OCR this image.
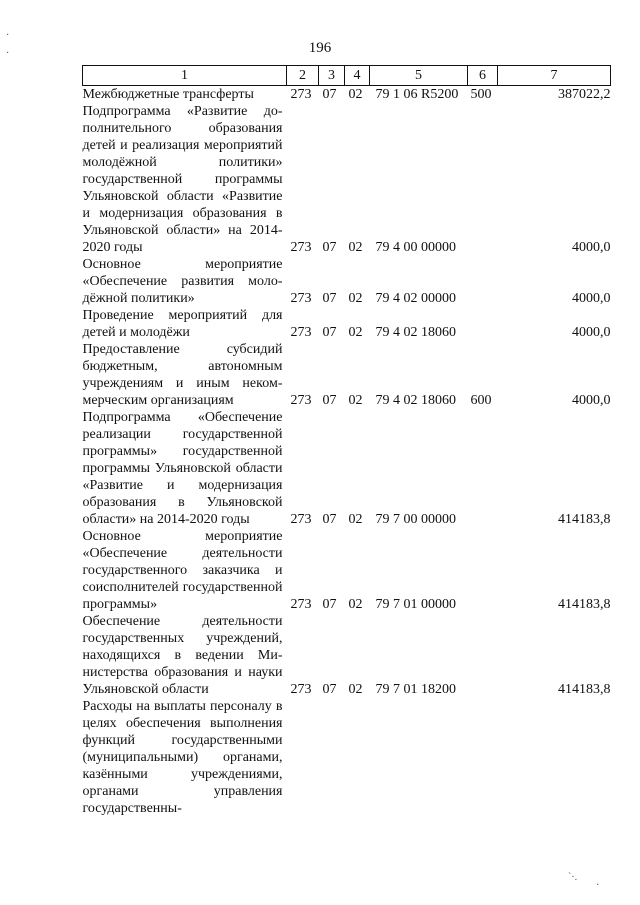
196
1	2	3	4	5	6	7
Межбюджетные трансферты	273	07	02	79 1 06 R5200	500	387022,2
Подпрограмма «Развитие дополнительного образования детей и реализация мероприятий молодёжной политики» государственной программы Ульяновской области «Развитие и модернизация образования в Ульяновской области» на 2014-2020 годы	273	07	02	79 4 00 00000		4000,0
Основное мероприятие «Обеспечение развития молодёжной политики»	273	07	02	79 4 02 00000		4000,0
Проведение мероприятий для детей и молодёжи	273	07	02	79 4 02 18060		4000,0
Предоставление субсидий бюджетным, автономным учреждениям и иным некоммерческим организациям	273	07	02	79 4 02 18060	600	4000,0
Подпрограмма «Обеспечение реализации государственной программы» государственной программы Ульяновской области «Развитие и модернизация образования в Ульяновской области» на 2014-2020 годы	273	07	02	79 7 00 00000		414183,8
Основное мероприятие «Обеспечение деятельности государственного заказчика и соисполнителей государственной программы»	273	07	02	79 7 01 00000		414183,8
Обеспечение деятельности государственных учреждений, находящихся в ведении Министерства образования и науки Ульяновской области	273	07	02	79 7 01 18200		414183,8
Расходы на выплаты персоналу в целях обеспечения выполнения функций государственными (муниципальными) органами, казёнными учреждениями, органами управления государственны-						
·
·
`·.
·
